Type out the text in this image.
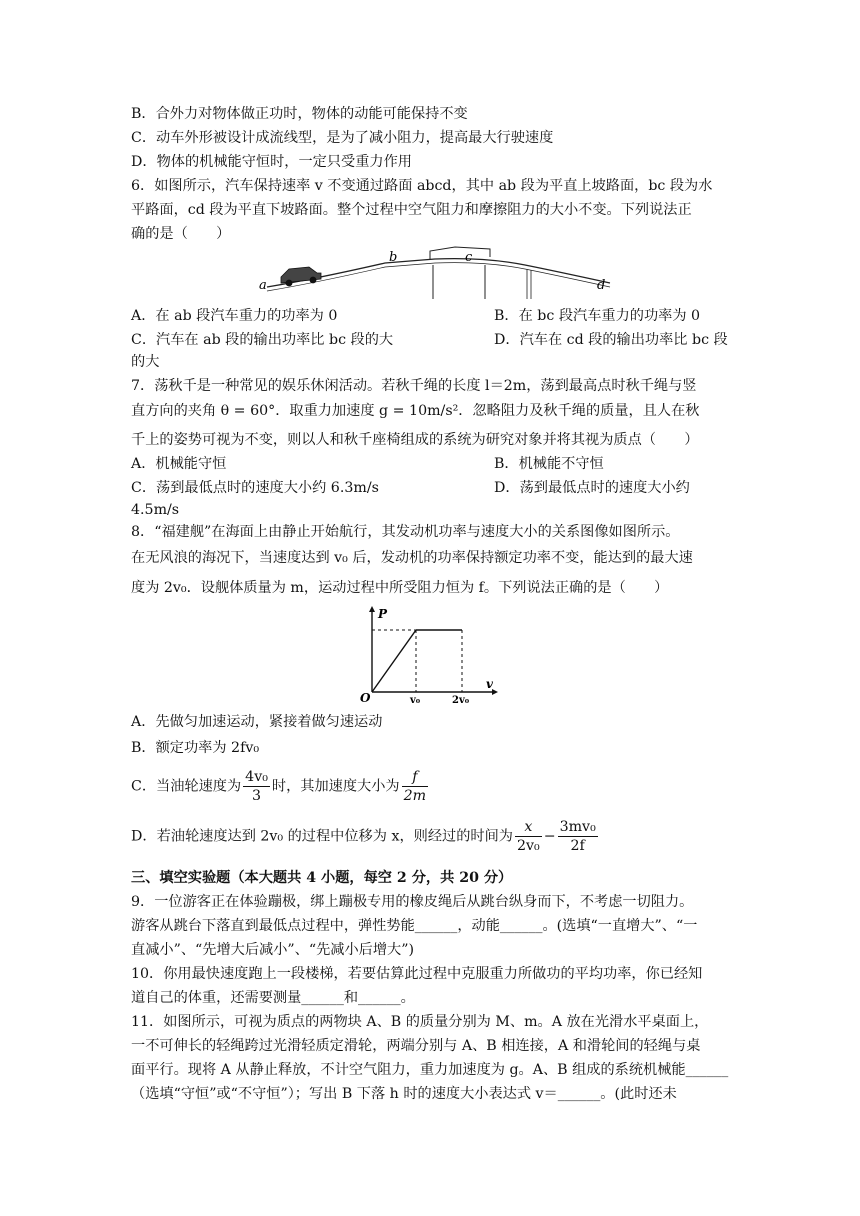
B．合外力对物体做正功时，物体的动能可能保持不变
C．动车外形被设计成流线型，是为了减小阻力，提高最大行驶速度
D．物体的机械能守恒时，一定只受重力作用
6．如图所示，汽车保持速率 v 不变通过路面 abcd，其中 ab 段为平直上坡路面，bc 段为水
平路面，cd 段为平直下坡路面。整个过程中空气阻力和摩擦阻力的大小不变。下列说法正
确的是（　　）
a
b	c
d
A．在 ab 段汽车重力的功率为 0	B．在 bc 段汽车重力的功率为 0
C．汽车在 ab 段的输出功率比 bc 段的大	D．汽车在 cd 段的输出功率比 bc 段
的大
7．荡秋千是一种常见的娱乐休闲活动。若秋千绳的长度 l＝2m，荡到最高点时秋千绳与竖
直方向的夹角 θ = 60°．取重力加速度 g = 10m/s²．忽略阻力及秋千绳的质量，且人在秋
千上的姿势可视为不变，则以人和秋千座椅组成的系统为研究对象并将其视为质点（　　）
A．机械能守恒	B．机械能不守恒
C．荡到最低点时的速度大小约 6.3m/s	D．荡到最低点时的速度大小约
4.5m/s
8．“福建舰”在海面上由静止开始航行，其发动机功率与速度大小的关系图像如图所示。
在无风浪的海况下，当速度达到 v₀ 后，发动机的功率保持额定功率不变，能达到的最大速
度为 2v₀．设舰体质量为 m，运动过程中所受阻力恒为 f。下列说法正确的是（　　）
P
v
O	v₀	2v₀
A．先做匀加速运动，紧接着做匀速运动
B．额定功率为 2fv₀
C．当油轮速度为 $\frac{\text{4v₀}}{3}$ 时，其加速度大小为 $\frac{f}{2m}$
D．若油轮速度达到 2v₀ 的过程中位移为 x，则经过的时间为 $\frac{x}{\text{2v₀}} - \frac{\text{3mv₀}}{2f}$
三、填空实验题（本大题共 4 小题，每空 2 分，共 20 分）
9．一位游客正在体验蹦极，绑上蹦极专用的橡皮绳后从跳台纵身而下，不考虑一切阻力。
游客从跳台下落直到最低点过程中，弹性势能______，动能______。(选填“一直增大”、“一
直减小”、“先增大后减小”、“先减小后增大”)
10．你用最快速度跑上一段楼梯，若要估算此过程中克服重力所做功的平均功率，你已经知
道自己的体重，还需要测量______和______。
11．如图所示，可视为质点的两物块 A、B 的质量分别为 M、m。A 放在光滑水平桌面上，
一不可伸长的轻绳跨过光滑轻质定滑轮，两端分别与 A、B 相连接，A 和滑轮间的轻绳与桌
面平行。现将 A 从静止释放，不计空气阻力，重力加速度为 g。A、B 组成的系统机械能______
（选填“守恒”或“不守恒”）；写出 B 下落 h 时的速度大小表达式 v＝______。(此时还未
